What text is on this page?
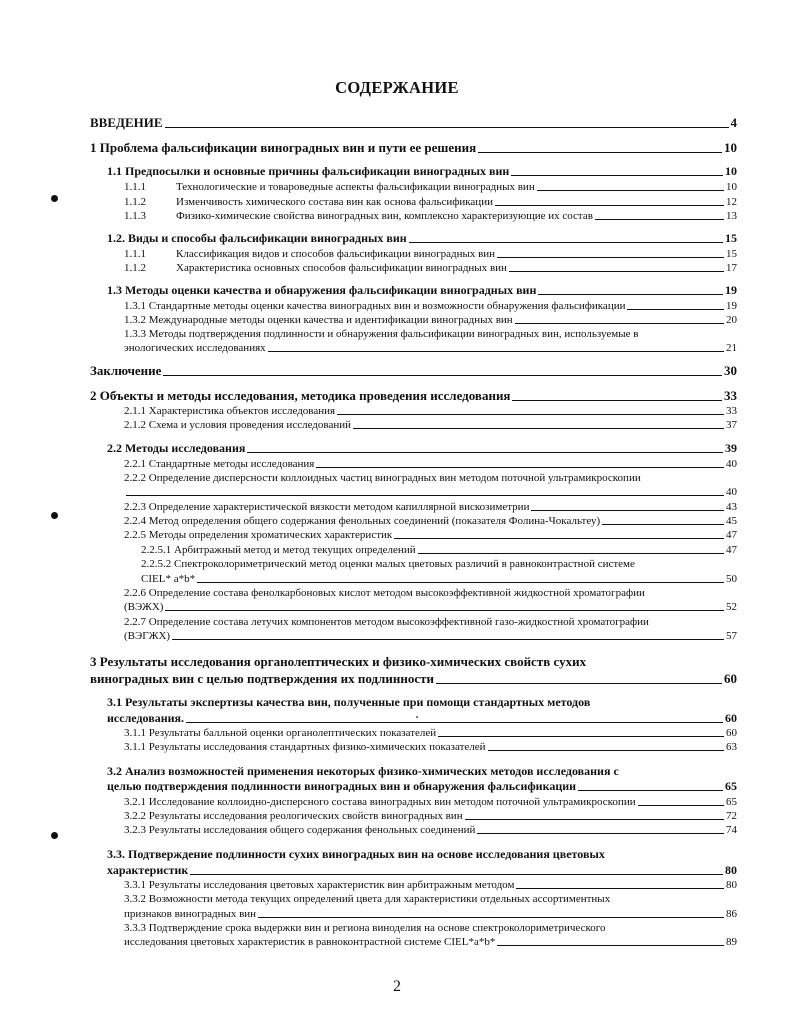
СОДЕРЖАНИЕ
ВВЕДЕНИЕ	4
1 Проблема фальсификации виноградных вин и пути ее решения	10
1.1 Предпосылки и основные причины фальсификации виноградных вин	10
1.1.1	Технологические и товароведные аспекты фальсификации виноградных вин	10
1.1.2	Изменчивость химического состава вин как основа фальсификации	12
1.1.3	Физико-химические свойства виноградных вин, комплексно характеризующие их состав	13
1.2. Виды и способы фальсификации виноградных вин	15
1.1.1	Классификация видов и способов фальсификации виноградных вин	15
1.1.2	Характеристика основных способов фальсификации виноградных вин	17
1.3 Методы оценки качества и обнаружения фальсификации виноградных вин	19
1.3.1 Стандартные методы оценки качества виноградных вин и возможности обнаружения фальсификации	19
1.3.2 Международные методы оценки качества и идентификации виноградных вин	20
1.3.3 Методы подтверждения подлинности и обнаружения фальсификации виноградных вин, используемые в
энологических исследованиях	21
Заключение	30
2 Объекты и методы исследования, методика проведения исследования	33
2.1.1 Характеристика объектов исследования	33
2.1.2 Схема и условия проведения исследований	37
2.2 Методы исследования	39
2.2.1 Стандартные методы исследования	40
2.2.2 Определение дисперсности коллоидных частиц виноградных вин методом поточной ультрамикроскопии
40
2.2.3 Определение характеристической вязкости методом капиллярной вискозиметрии	43
2.2.4 Метод определения общего содержания фенольных соединений (показателя Фолина-Чокальтеу)	45
2.2.5 Методы определения хроматических характеристик	47
2.2.5.1 Арбитражный метод и метод текущих определений	47
2.2.5.2 Спектроколориметрический метод оценки малых цветовых различий в равноконтрастной системе
CIEL* a*b*	50
2.2.6 Определение состава фенолкарбоновых кислот методом высокоэффективной жидкостной хроматографии
(ВЭЖХ)	52
2.2.7 Определение состава летучих компонентов методом высокоэффективной газо-жидкостной хроматографии
(ВЭГЖХ)	57
3 Результаты исследования органолептических и физико-химических свойств сухих
виноградных вин с целью подтверждения их подлинности	60
3.1 Результаты экспертизы качества вин, полученные при помощи стандартных методов
исследования.	60
3.1.1 Результаты балльной оценки органолептических показателей	60
3.1.1 Результаты исследования стандартных физико-химических показателей	63
3.2 Анализ возможностей применения некоторых физико-химических методов исследования с
целью подтверждения подлинности виноградных вин и обнаружения фальсификации	65
3.2.1 Исследование коллоидно-дисперсного состава виноградных вин методом поточной ультрамикроскопии	65
3.2.2 Результаты исследования реологических свойств виноградных вин	72
3.2.3 Результаты исследования общего содержания фенольных соединений	74
3.3. Подтверждение подлинности сухих виноградных вин на основе исследования цветовых
характеристик	80
3.3.1 Результаты исследования цветовых характеристик вин арбитражным методом	80
3.3.2 Возможности метода текущих определений цвета для характеристики отдельных ассортиментных
признаков виноградных вин	86
3.3.3 Подтверждение срока выдержки вин и региона виноделия на основе спектроколориметрического
исследования цветовых характеристик в равноконтрастной системе CIEL*a*b*	89
2
